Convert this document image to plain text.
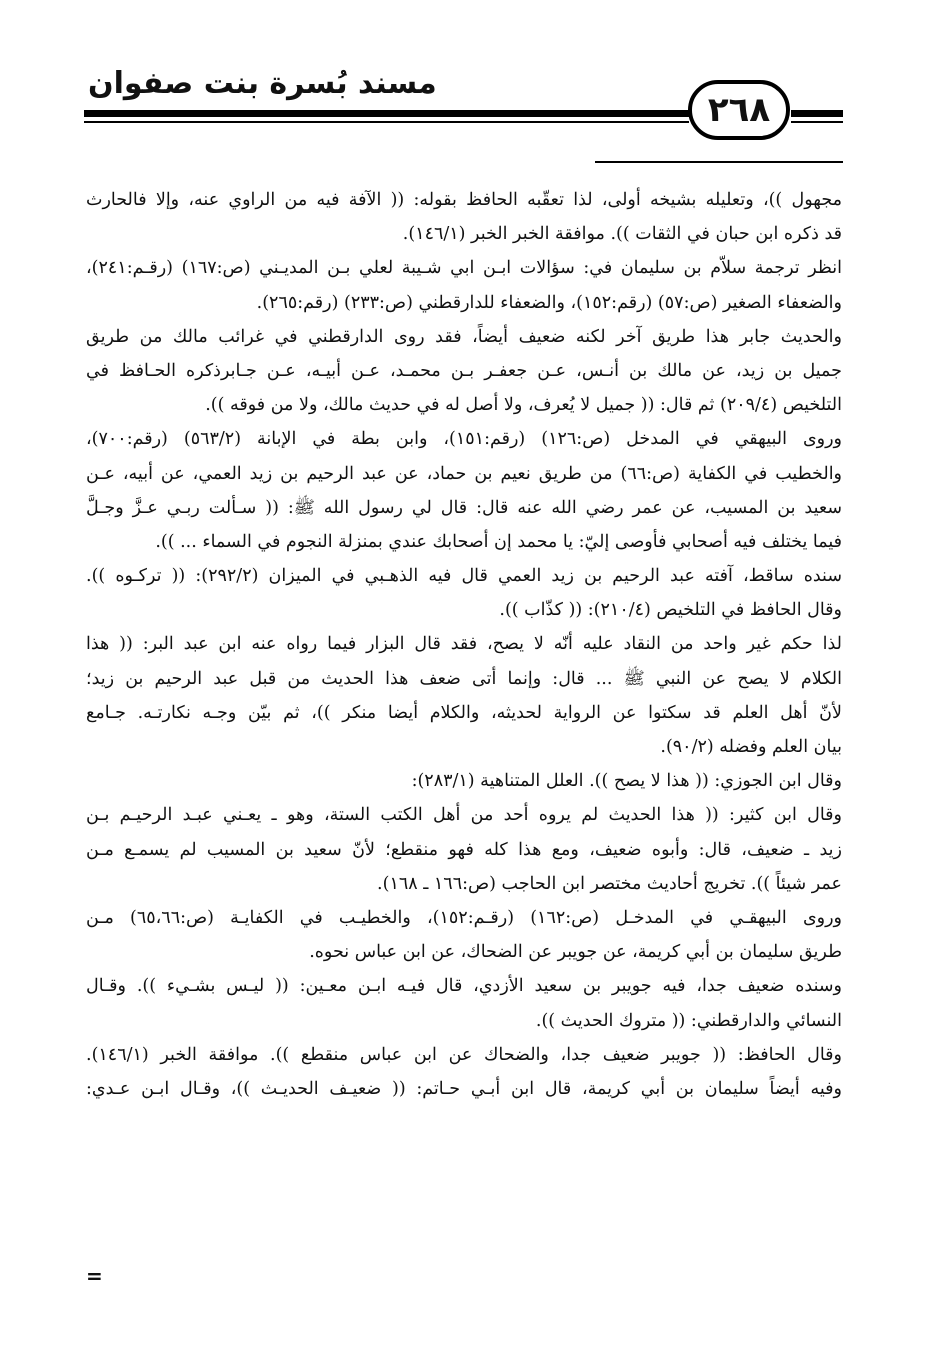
مسند بُسرة بنت صفوان
٢٦٨
مجهول ))، وتعليله بشيخه أولى، لذا تعقّبه الحافظ بقوله: (( الآفة فيه من الراوي عنه، وإلا فالحارث
قد ذكره ابن حبان في الثقات )). موافقة الخبر الخبر (١٤٦/١).
انظر ترجمة سلاّم بن سليمان في: سؤالات ابـن ابي شـيبة لعلي بـن المديـني (ص:١٦٧) (رقـم:٢٤١)،
والضعفاء الصغير (ص:٥٧) (رقم:١٥٢)، والضعفاء للدارقطني (ص:٢٣٣) (رقم:٢٦٥).
والحديث جابر هذا طريق آخر لكنه ضعيف أيضاً، فقد روى الدارقطني في غرائب مالك من طريق
جميل بن زيد، عن مالك بن أنـس، عـن جعفـر بـن محمـد، عـن أبيـه، عـن جـابرذكره الحـافظ في
التلخيص (٢٠٩/٤) ثم قال: (( جميل لا يُعرف، ولا أصل له في حديث مالك، ولا من فوقه )).
وروى البيهقي في المدخل (ص:١٢٦) (رقم:١٥١)، وابن بطة في الإبانة (٥٦٣/٢) (رقم:٧٠٠)،
والخطيب في الكفاية (ص:٦٦) من طريق نعيم بن حماد، عن عبد الرحيم بن زيد العمي، عن أبيه، عـن
سعيد بن المسيب، عن عمر رضي الله عنه قال: قال لي رسول الله ﷺ: (( سـألت ربـي عـزَّ وجـلَّ
فيما يختلف فيه أصحابي فأوصى إليّ: يا محمد إن أصحابك عندي بمنزلة النجوم في السماء ... )).
سنده ساقط، آفته عبد الرحيم بن زيد العمي قال فيه الذهـبي في الميزان (٢٩٢/٢): (( تركـوه )).
وقال الحافظ في التلخيص (٢١٠/٤): (( كذّاب )).
لذا حكم غير واحد من النقاد عليه أنّه لا يصح، فقد قال البزار فيما رواه عنه ابن عبد البر: (( هذا
الكلام لا يصح عن النبي ﷺ ... قال: وإنما أتى ضعف هذا الحديث من قبل عبد الرحيم بن زيد؛
لأنّ أهل العلم قد سكتوا عن الرواية لحديثه، والكلام أيضا منكر ))، ثم بيّن وجـه نكارتـه. جـامع
بيان العلم وفضله (٩٠/٢).
وقال ابن الجوزي: (( هذا لا يصح )). العلل المتناهية (٢٨٣/١):
وقال ابن كثير: (( هذا الحديث لم يروه أحد من أهل الكتب الستة، وهو ـ يعـني عبـد الرحيـم بـن
زيد ـ ضعيف، قال: وأبوه ضعيف، ومع هذا كله فهو منقطع؛ لأنّ سعيد بن المسيب لم يسمـع مـن
عمر شيئاً )). تخريج أحاديث مختصر ابن الحاجب (ص:١٦٦ ـ ١٦٨).
وروى البيهقـي في المدخـل (ص:١٦٢) (رقـم:١٥٢)، والخطيـب في الكفايـة (ص:٦٥،٦٦) مـن
طريق سليمان بن أبي كريمة، عن جويبر عن الضحاك، عن ابن عباس نحوه.
وسنده ضعيف جدا، فيه جويبر بن سعيد الأزدي، قال فيـه ابـن معـين: (( ليـس بشـيء )). وقـال
النسائي والدارقطني: (( متروك الحديث )).
وقال الحافظ: (( جويبر ضعيف جدا، والضحاك عن ابن عباس منقطع )). موافقة الخبر (١٤٦/١).
وفيه أيضاً سليمان بن أبي كريمة، قال ابن أبـي حـاتم: (( ضعيـف الحديـث ))، وقـال ابـن عـدي:
=
